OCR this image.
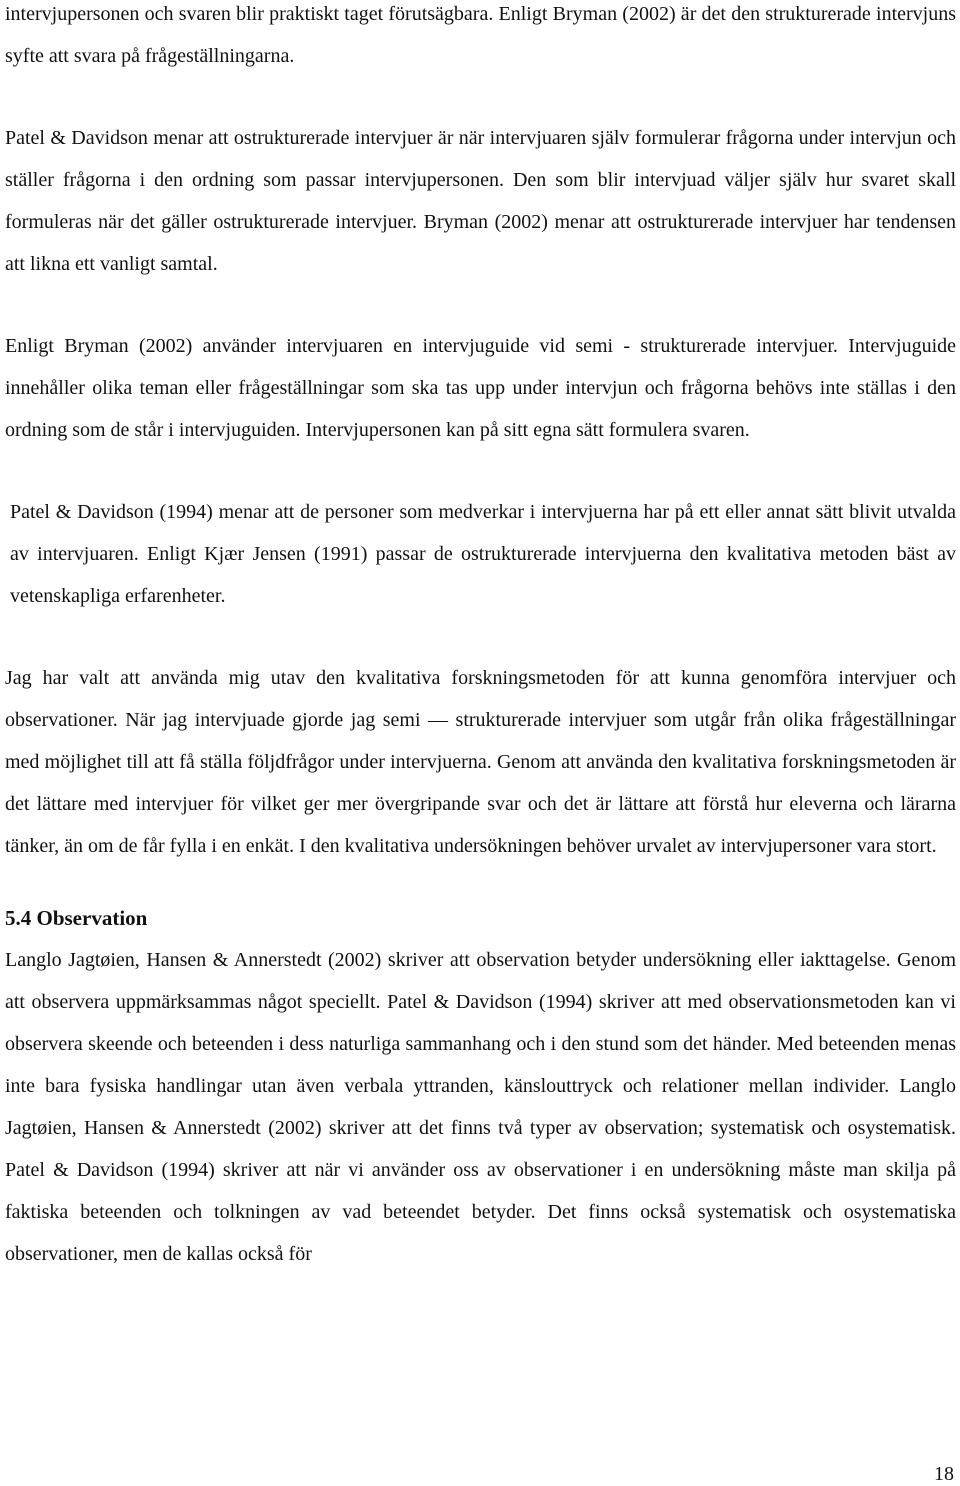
intervjupersonen och svaren blir praktiskt taget förutsägbara. Enligt Bryman (2002) är det den strukturerade intervjuns syfte att svara på frågeställningarna.

Patel & Davidson menar att ostrukturerade intervjuer är när intervjuaren själv formulerar frågorna under intervjun och ställer frågorna i den ordning som passar intervjupersonen. Den som blir intervjuad väljer själv hur svaret skall formuleras när det gäller ostrukturerade intervjuer. Bryman (2002) menar att ostrukturerade intervjuer har tendensen att likna ett vanligt samtal.

Enligt Bryman (2002) använder intervjuaren en intervjuguide vid semi - strukturerade intervjuer. Intervjuguide innehåller olika teman eller frågeställningar som ska tas upp under intervjun och frågorna behövs inte ställas i den ordning som de står i intervjuguiden. Intervjupersonen kan på sitt egna sätt formulera svaren.

Patel & Davidson (1994) menar att de personer som medverkar i intervjuerna har på ett eller annat sätt blivit utvalda av intervjuaren. Enligt Kjær Jensen (1991) passar de ostrukturerade intervjuerna den kvalitativa metoden bäst av vetenskapliga erfarenheter.

Jag har valt att använda mig utav den kvalitativa forskningsmetoden för att kunna genomföra intervjuer och observationer. När jag intervjuade gjorde jag semi — strukturerade intervjuer som utgår från olika frågeställningar med möjlighet till att få ställa följdfrågor under intervjuerna. Genom att använda den kvalitativa forskningsmetoden är det lättare med intervjuer för vilket ger mer övergripande svar och det är lättare att förstå hur eleverna och lärarna tänker, än om de får fylla i en enkät. I den kvalitativa undersökningen behöver urvalet av intervjupersoner vara stort.

5.4 Observation

Langlo Jagtøien, Hansen & Annerstedt (2002) skriver att observation betyder undersökning eller iakttagelse. Genom att observera uppmärksammas något speciellt. Patel & Davidson (1994) skriver att med observationsmetoden kan vi observera skeende och beteenden i dess naturliga sammanhang och i den stund som det händer. Med beteenden menas inte bara fysiska handlingar utan även verbala yttranden, känslouttryck och relationer mellan individer. Langlo Jagtøien, Hansen & Annerstedt (2002) skriver att det finns två typer av observation; systematisk och osystematisk. Patel & Davidson (1994) skriver att när vi använder oss av observationer i en undersökning måste man skilja på faktiska beteenden och tolkningen av vad beteendet betyder. Det finns också systematisk och osystematiska observationer, men de kallas också för

18
